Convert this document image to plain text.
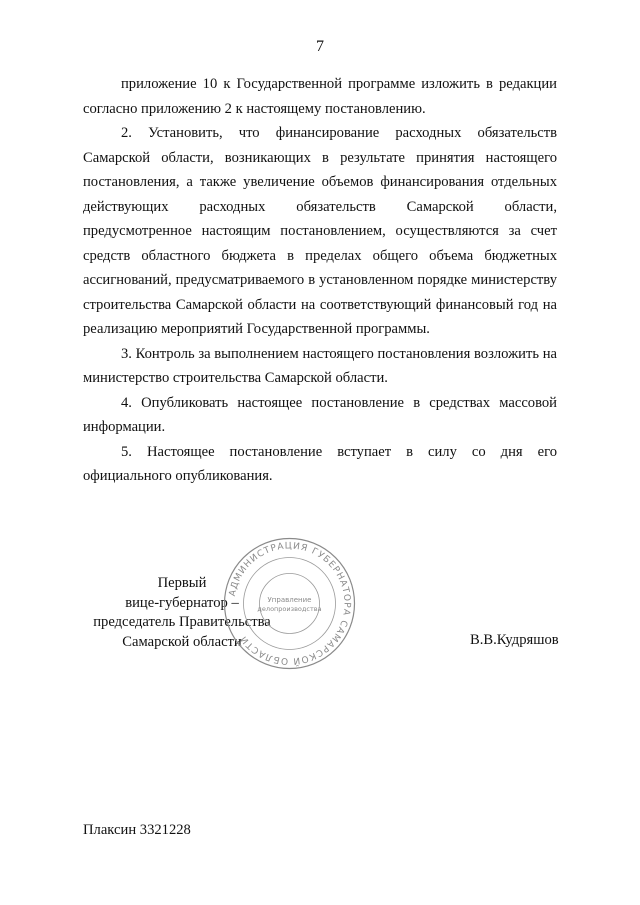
7

приложение 10 к Государственной программе изложить в редакции согласно приложению 2 к настоящему постановлению.

2. Установить, что финансирование расходных обязательств Самарской области, возникающих в результате принятия настоящего постановления, а также увеличение объемов финансирования отдельных действующих расходных обязательств Самарской области, предусмотренное настоящим постановлением, осуществляются за счет средств областного бюджета в пределах общего объема бюджетных ассигнований, предусматриваемого в установленном порядке министерству строительства Самарской области на соответствующий финансовый год на реализацию мероприятий Государственной программы.

3. Контроль за выполнением настоящего постановления возложить на министерство строительства Самарской области.

4. Опубликовать настоящее постановление в средствах массовой информации.

5. Настоящее постановление вступает в силу со дня его официального опубликования.

Первый
вице-губернатор –
председатель Правительства
Самарской области
АДМИНИСТРАЦИЯ ГУБЕРНАТОРА САМАРСКОЙ ОБЛАСТИ
Управление
делопроизводства
В.В.Кудряшов
Плаксин 3321228
